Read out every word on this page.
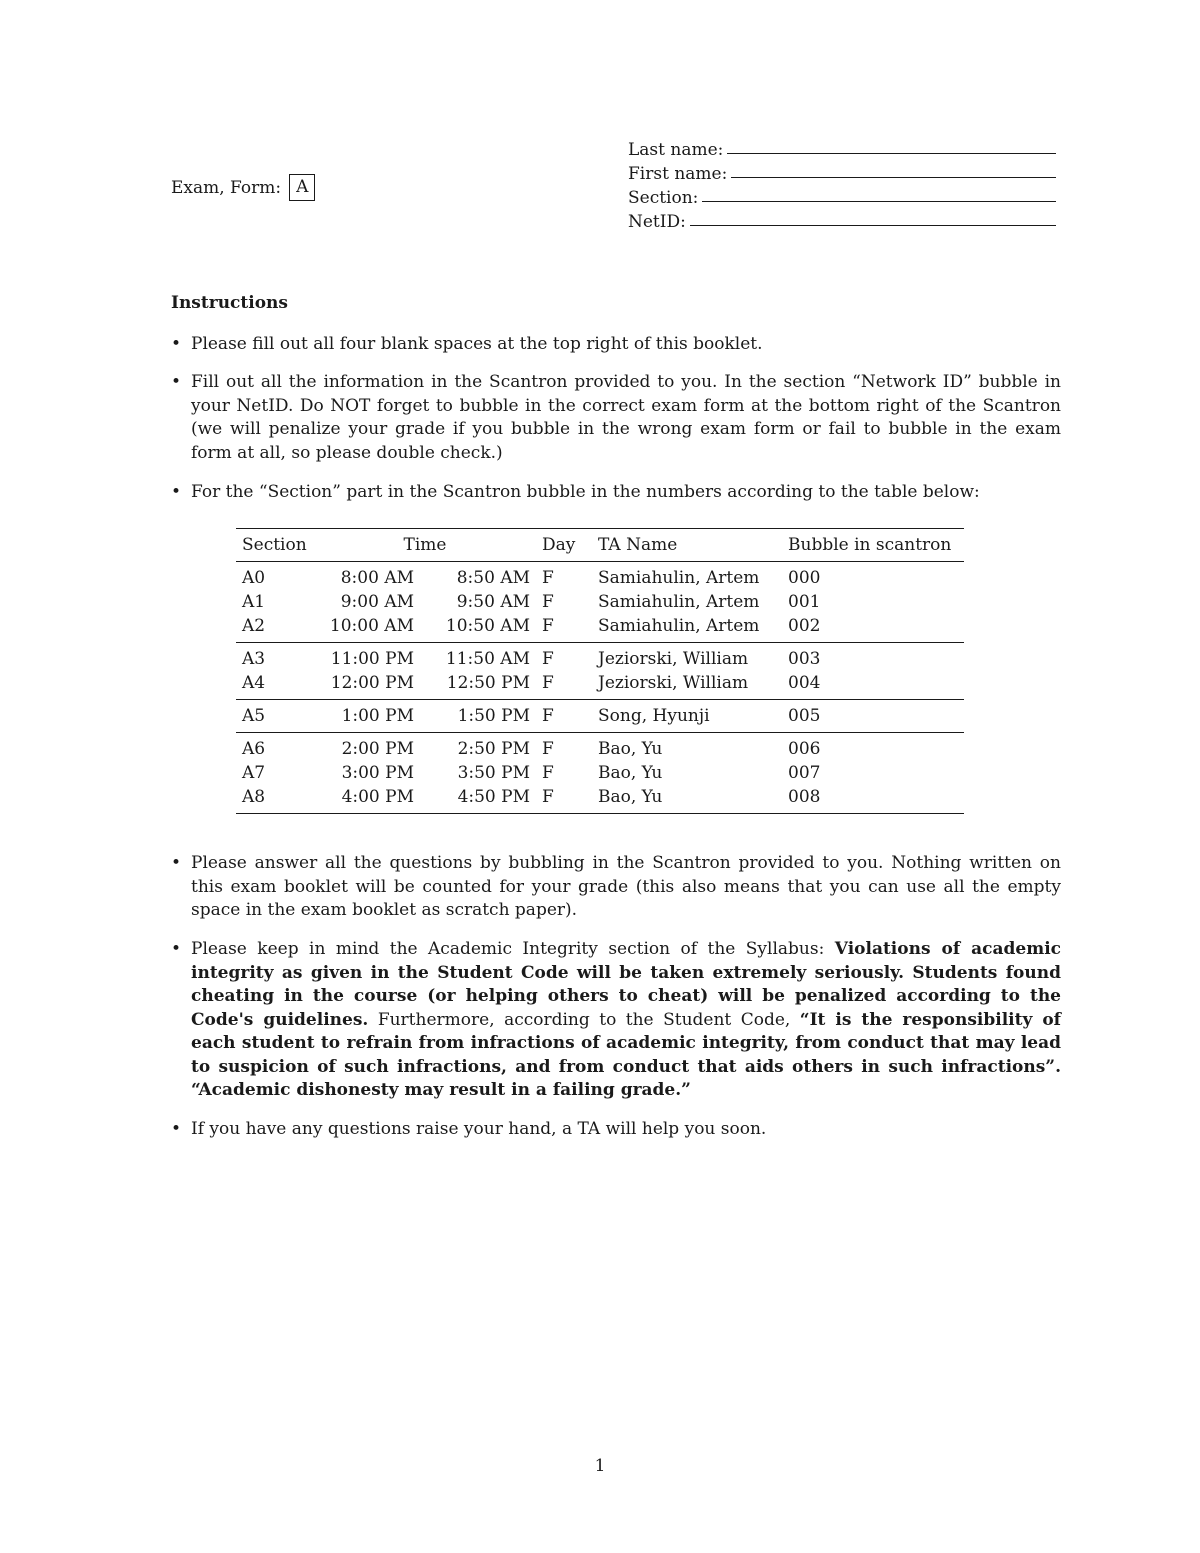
Exam, Form: A
Last name:
First name:
Section:
NetID:
Instructions
• Please fill out all four blank spaces at the top right of this booklet.
• Fill out all the information in the Scantron provided to you. In the section “Network ID” bubble in your NetID. Do NOT forget to bubble in the correct exam form at the bottom right of the Scantron (we will penalize your grade if you bubble in the wrong exam form or fail to bubble in the exam form at all, so please double check.)
• For the “Section” part in the Scantron bubble in the numbers according to the table below:
Section	Time		Day	TA Name	Bubble in scantron
A0	8:00 AM	8:50 AM	F	Samiahulin, Artem	000
A1	9:00 AM	9:50 AM	F	Samiahulin, Artem	001
A2	10:00 AM	10:50 AM	F	Samiahulin, Artem	002
A3	11:00 PM	11:50 AM	F	Jeziorski, William	003
A4	12:00 PM	12:50 PM	F	Jeziorski, William	004
A5	1:00 PM	1:50 PM	F	Song, Hyunji	005
A6	2:00 PM	2:50 PM	F	Bao, Yu	006
A7	3:00 PM	3:50 PM	F	Bao, Yu	007
A8	4:00 PM	4:50 PM	F	Bao, Yu	008
• Please answer all the questions by bubbling in the Scantron provided to you. Nothing written on this exam booklet will be counted for your grade (this also means that you can use all the empty space in the exam booklet as scratch paper).
• Please keep in mind the Academic Integrity section of the Syllabus: Violations of academic integrity as given in the Student Code will be taken extremely seriously. Students found cheating in the course (or helping others to cheat) will be penalized according to the Code's guidelines. Furthermore, according to the Student Code, “It is the responsibility of each student to refrain from infractions of academic integrity, from conduct that may lead to suspicion of such infractions, and from conduct that aids others in such infractions”. “Academic dishonesty may result in a failing grade.”
• If you have any questions raise your hand, a TA will help you soon.
1
